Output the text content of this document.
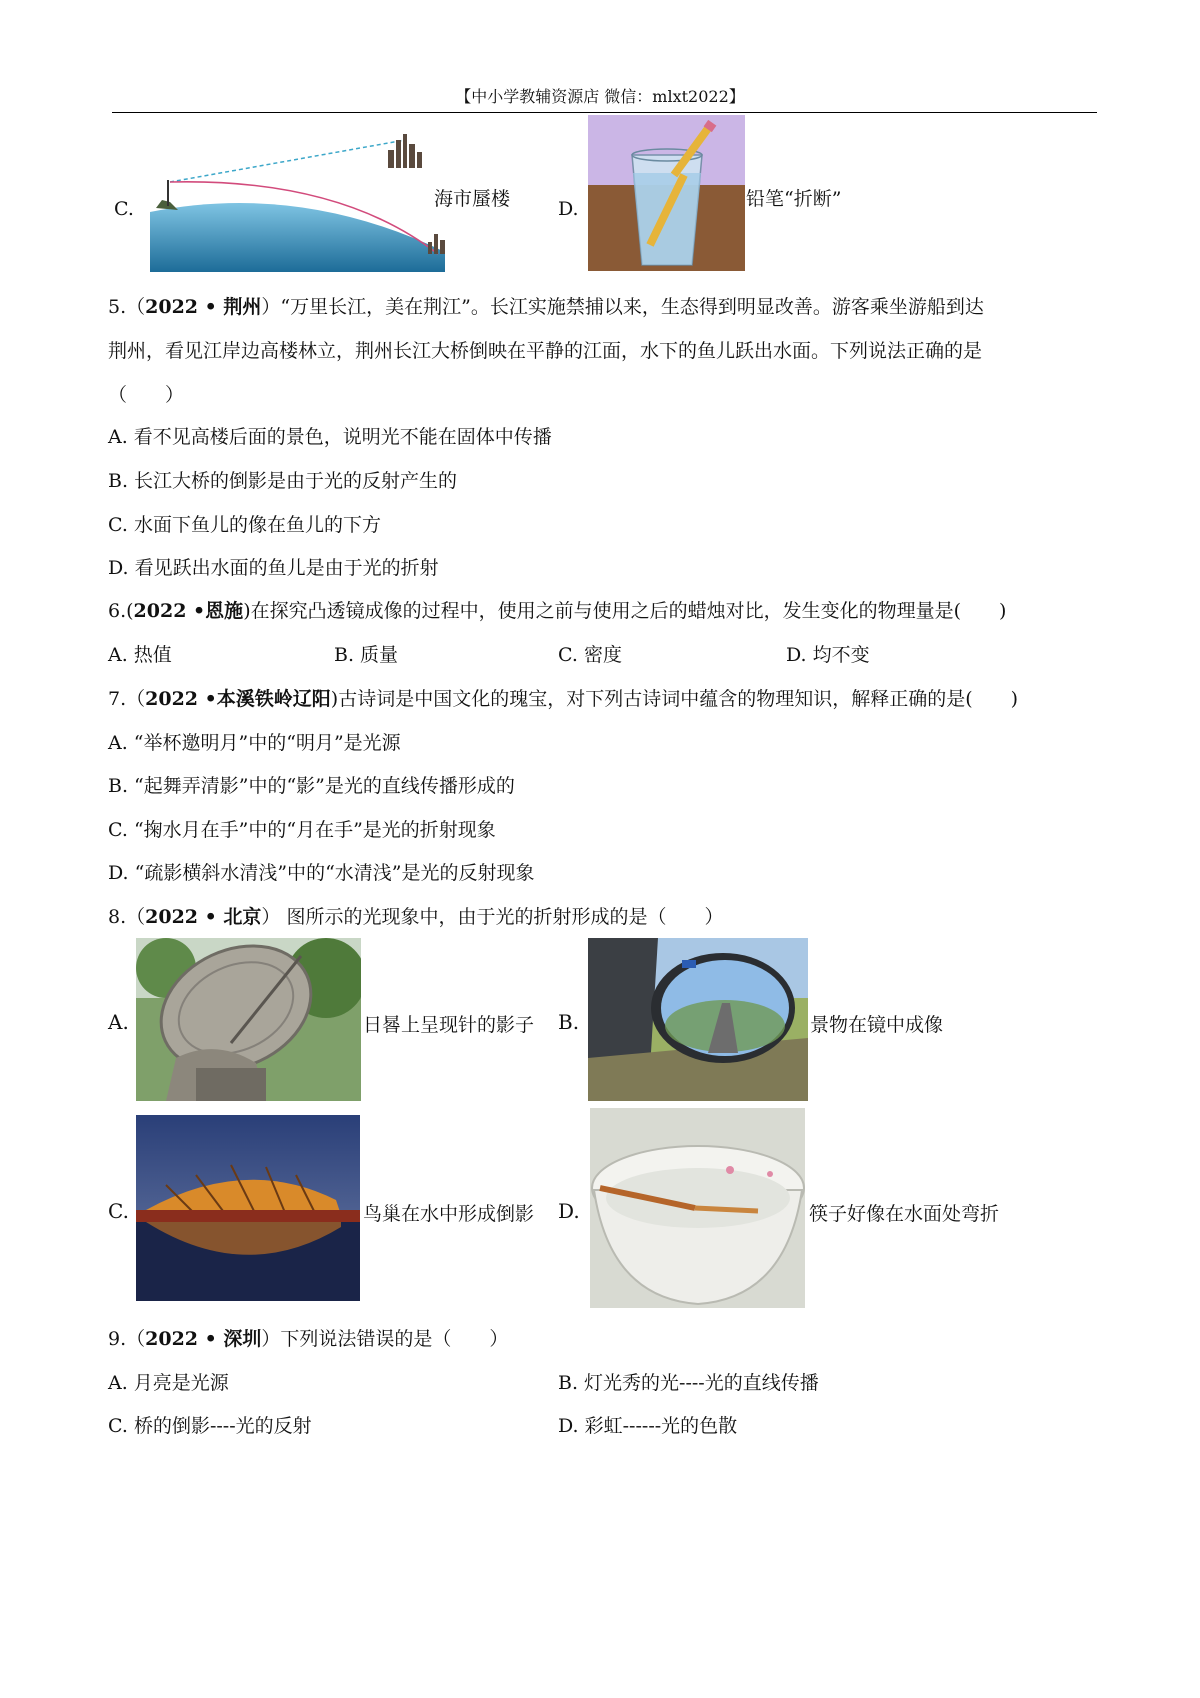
【中小学教辅资源店 微信：mlxt2022】
C.	海市蜃楼	D.	铅笔“折断”
5.（2022 • 荆州）“万里长江，美在荆江”。长江实施禁捕以来，生态得到明显改善。游客乘坐游船到达
荆州，看见江岸边高楼林立，荆州长江大桥倒映在平静的江面，水下的鱼儿跃出水面。下列说法正确的是
（　　）
A. 看不见高楼后面的景色，说明光不能在固体中传播
B. 长江大桥的倒影是由于光的反射产生的
C. 水面下鱼儿的像在鱼儿的下方
D. 看见跃出水面的鱼儿是由于光的折射
6.(2022 •恩施)在探究凸透镜成像的过程中，使用之前与使用之后的蜡烛对比，发生变化的物理量是(　　)
A. 热值	B. 质量	C. 密度	D. 均不变
7.（2022 •本溪铁岭辽阳)古诗词是中国文化的瑰宝，对下列古诗词中蕴含的物理知识，解释正确的是(　　)
A. “举杯邀明月”中的“明月”是光源
B. “起舞弄清影”中的“影”是光的直线传播形成的
C. “掬水月在手”中的“月在手”是光的折射现象
D. “疏影横斜水清浅”中的“水清浅”是光的反射现象
8.（2022 • 北京） 图所示的光现象中，由于光的折射形成的是（　　）
A.	日晷上呈现针的影子 B.	景物在镜中成像
C.	鸟巢在水中形成倒影 D.	筷子好像在水面处弯折
9.（2022 • 深圳）下列说法错误的是（　　）
A. 月亮是光源	B. 灯光秀的光----光的直线传播
C. 桥的倒影----光的反射	D. 彩虹------光的色散
